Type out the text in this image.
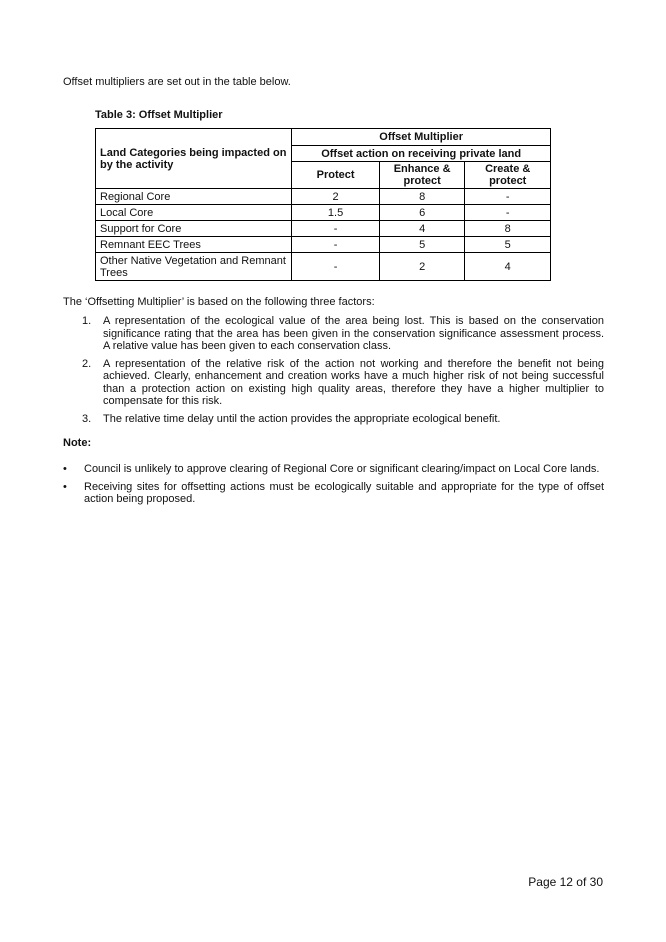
Offset multipliers are set out in the table below.
Table 3: Offset Multiplier
Land Categories being impacted on by the activity	Offset Multiplier		
	Offset action on receiving private land		
	Protect	Enhance & protect	Create & protect
Regional Core	2	8	-
Local Core	1.5	6	-
Support for Core	-	4	8
Remnant EEC Trees	-	5	5
Other Native Vegetation and Remnant Trees	-	2	4
The ‘Offsetting Multiplier’ is based on the following three factors:
1. A representation of the ecological value of the area being lost. This is based on the conservation significance rating that the area has been given in the conservation significance assessment process. A relative value has been given to each conservation class.
2. A representation of the relative risk of the action not working and therefore the benefit not being achieved. Clearly, enhancement and creation works have a much higher risk of not being successful than a protection action on existing high quality areas, therefore they have a higher multiplier to compensate for this risk.
3. The relative time delay until the action provides the appropriate ecological benefit.
Note:
• Council is unlikely to approve clearing of Regional Core or significant clearing/impact on Local Core lands.
• Receiving sites for offsetting actions must be ecologically suitable and appropriate for the type of offset action being proposed.
Page 12 of 30
